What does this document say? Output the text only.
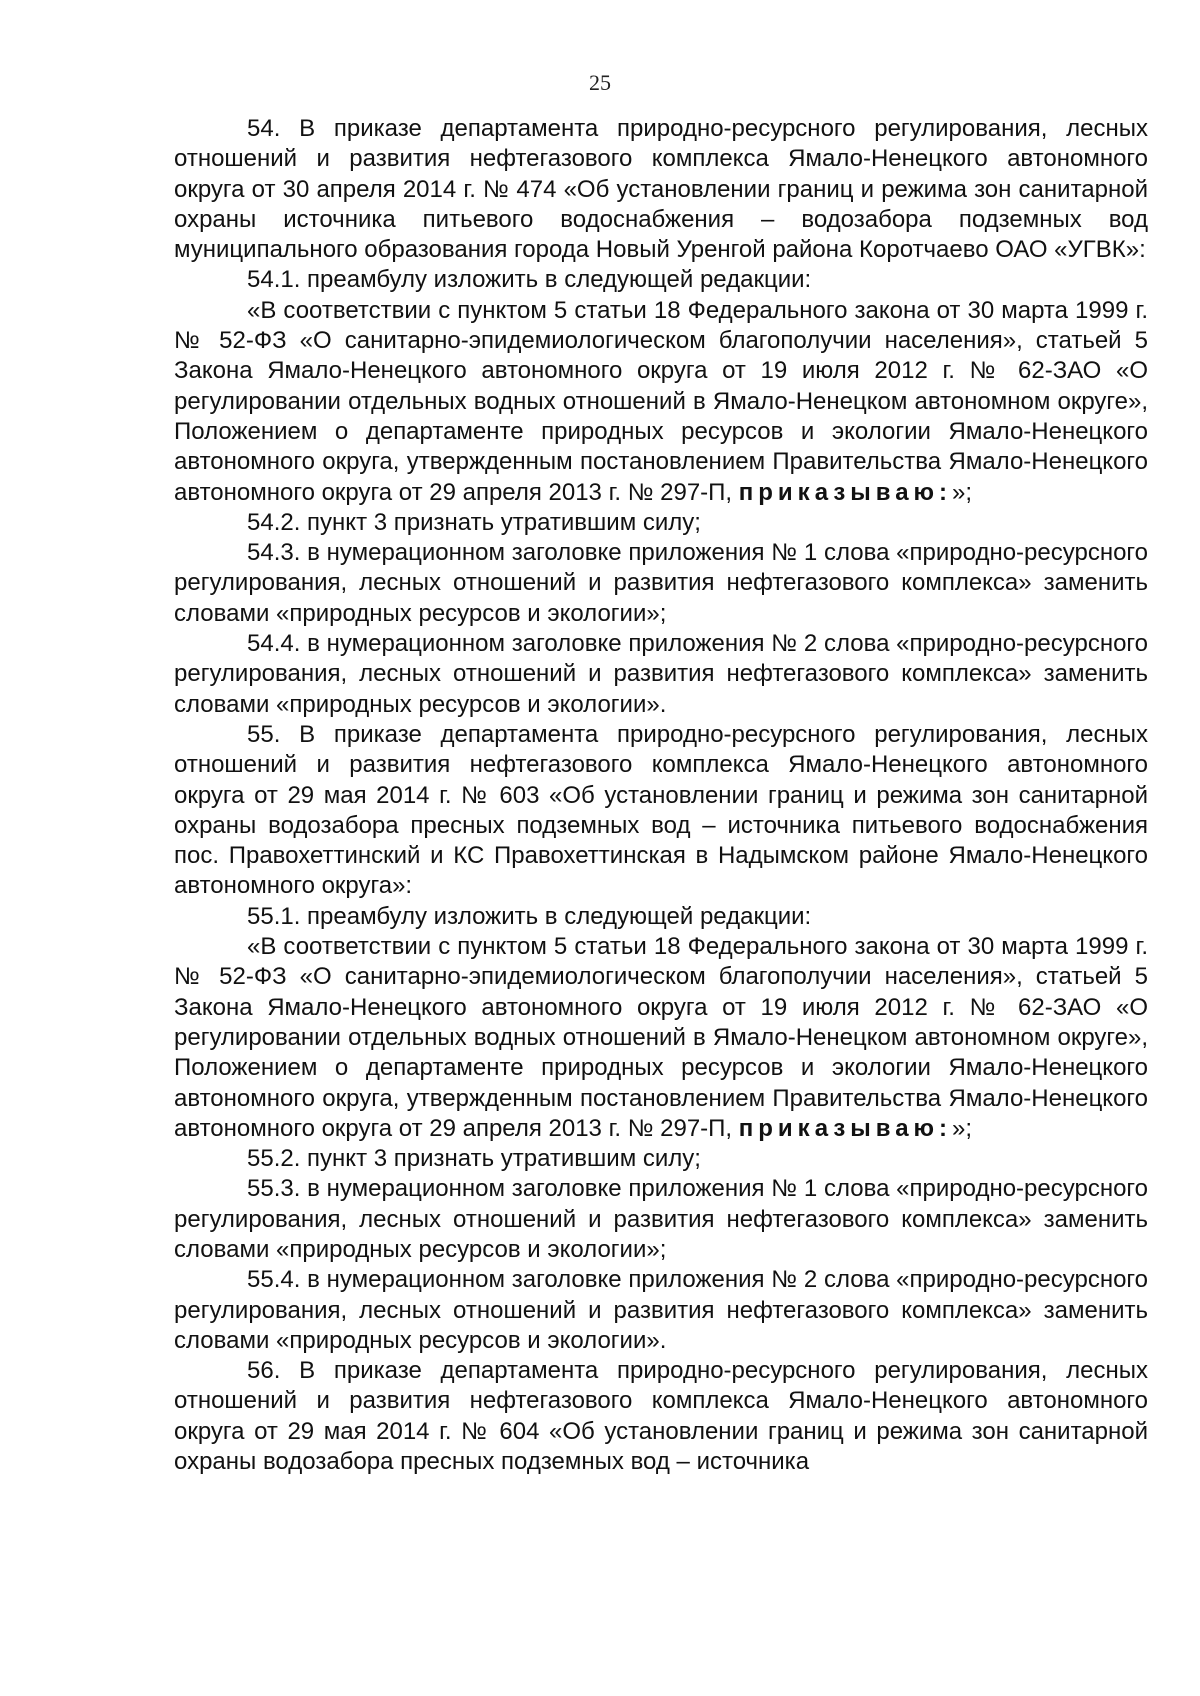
25

54. В приказе департамента природно-ресурсного регулирования, лесных отношений и развития нефтегазового комплекса Ямало-Ненецкого автономного округа от 30 апреля 2014 г. № 474 «Об установлении границ и режима зон санитарной охраны источника питьевого водоснабжения – водозабора подземных вод муниципального образования города Новый Уренгой района Коротчаево ОАО «УГВК»:

54.1. преамбулу изложить в следующей редакции:

«В соответствии с пунктом 5 статьи 18 Федерального закона от 30 марта 1999 г. № 52-ФЗ «О санитарно-эпидемиологическом благополучии населения», статьей 5 Закона Ямало-Ненецкого автономного округа от 19 июля 2012 г. № 62-ЗАО «О регулировании отдельных водных отношений в Ямало-Ненецком автономном округе», Положением о департаменте природных ресурсов и экологии Ямало-Ненецкого автономного округа, утвержденным постановлением Правительства Ямало-Ненецкого автономного округа от 29 апреля 2013 г. № 297-П, приказываю:»;

54.2. пункт 3 признать утратившим силу;

54.3. в нумерационном заголовке приложения № 1 слова «природно-ресурсного регулирования, лесных отношений и развития нефтегазового комплекса» заменить словами «природных ресурсов и экологии»;

54.4. в нумерационном заголовке приложения № 2 слова «природно-ресурсного регулирования, лесных отношений и развития нефтегазового комплекса» заменить словами «природных ресурсов и экологии».

55. В приказе департамента природно-ресурсного регулирования, лесных отношений и развития нефтегазового комплекса Ямало-Ненецкого автономного округа от 29 мая 2014 г. № 603 «Об установлении границ и режима зон санитарной охраны водозабора пресных подземных вод – источника питьевого водоснабжения пос. Правохеттинский и КС Правохеттинская в Надымском районе Ямало-Ненецкого автономного округа»:

55.1. преамбулу изложить в следующей редакции:

«В соответствии с пунктом 5 статьи 18 Федерального закона от 30 марта 1999 г. № 52-ФЗ «О санитарно-эпидемиологическом благополучии населения», статьей 5 Закона Ямало-Ненецкого автономного округа от 19 июля 2012 г. № 62-ЗАО «О регулировании отдельных водных отношений в Ямало-Ненецком автономном округе», Положением о департаменте природных ресурсов и экологии Ямало-Ненецкого автономного округа, утвержденным постановлением Правительства Ямало-Ненецкого автономного округа от 29 апреля 2013 г. № 297-П, приказываю:»;

55.2. пункт 3 признать утратившим силу;

55.3. в нумерационном заголовке приложения № 1 слова «природно-ресурсного регулирования, лесных отношений и развития нефтегазового комплекса» заменить словами «природных ресурсов и экологии»;

55.4. в нумерационном заголовке приложения № 2 слова «природно-ресурсного регулирования, лесных отношений и развития нефтегазового комплекса» заменить словами «природных ресурсов и экологии».

56. В приказе департамента природно-ресурсного регулирования, лесных отношений и развития нефтегазового комплекса Ямало-Ненецкого автономного округа от 29 мая 2014 г. № 604 «Об установлении границ и режима зон санитарной охраны водозабора пресных подземных вод – источника
